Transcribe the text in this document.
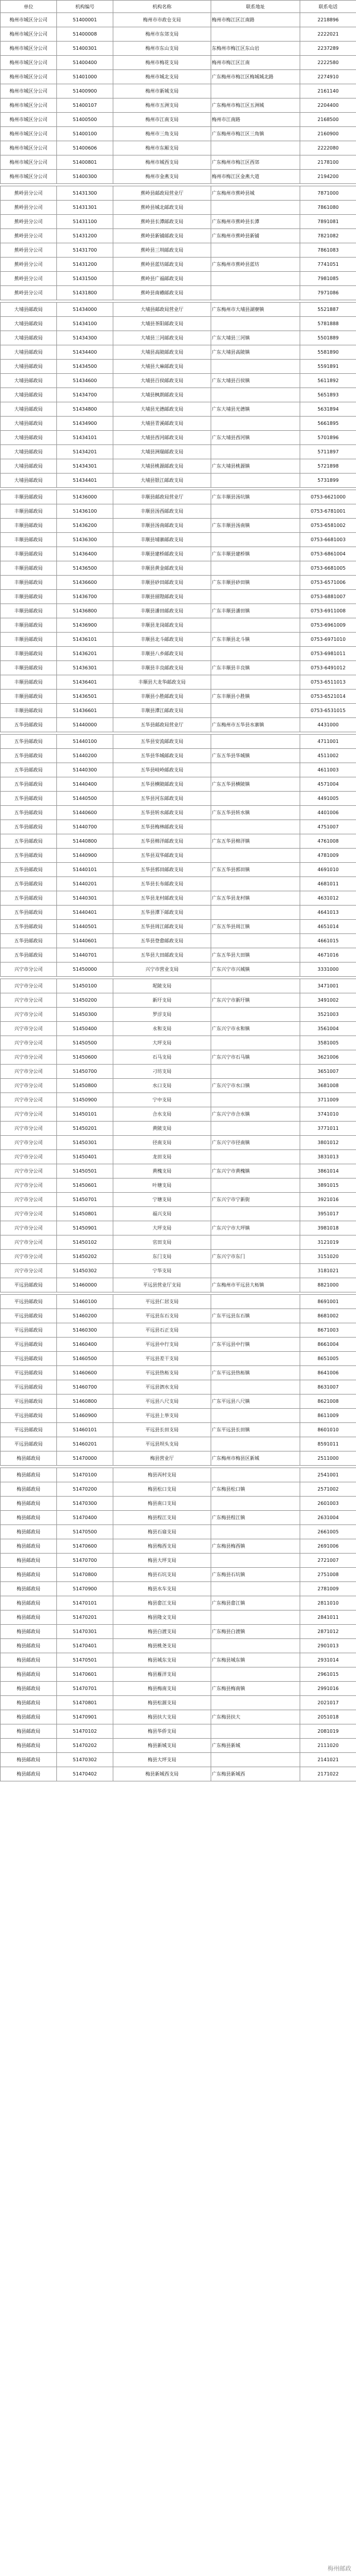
单位	机构编号	机构名称	联系地址	联系电话
梅州市城区分公司	51400001	梅州市市政仓支局	梅州市梅江区江南路	2218896
梅州市城区分公司	51400008	梅州市东郊支局		2222021
梅州市城区分公司	51400301	梅州市东山支局	东梅州市梅江区东山岩	2237289
梅州市城区分公司	51400400	梅州市梅花支局	梅州市梅江区江南	2222580
梅州市城区分公司	51401000	梅州市城北支局	广东梅州市梅江区梅城城北路	2274910
梅州市城区分公司	51400900	梅州市新城支局		2161140
梅州市城区分公司	51400107	梅州市五洲支局	广东梅州市梅江区五洲城	2204400
梅州市城区分公司	51400500	梅州市江南支局	梅州市江南路	2168500
梅州市城区分公司	51400100	梅州市三角支局	广东梅州市梅江区三角镇	2160900
梅州市城区分公司	51400606	梅州市东厢支局		2222080
梅州市城区分公司	51400801	梅州市城西支局	广东梅州市梅江区西郊	2178100
梅州市城区分公司	51400300	梅州市金燕支局	梅州市梅江区金燕大道	2194200

蕉岭县分公司	51431300	蕉岭县邮政局营业厅	广东梅州市蕉岭县城	7871000
蕉岭县分公司	51431301	蕉岭县城北邮政支局		7861080
蕉岭县分公司	51431100	蕉岭县长潭邮政支局	广东梅州市蕉岭县长潭	7891081
蕉岭县分公司	51431200	蕉岭县新铺邮政支局	广东梅州市蕉岭县新铺	7821082
蕉岭县分公司	51431700	蕉岭县三圳邮政支局		7861083
蕉岭县分公司	51431200	蕉岭县蓝坊邮政支局	广东梅州市蕉岭县蓝坊	7741051
蕉岭县分公司	51431500	蕉岭县广福邮政支局		7981085
蕉岭县分公司	51431800	蕉岭县南礤邮政支局		7971086

大埔县邮政局	51434000	大埔县邮政局营业厅	广东梅州市大埔县湖寮镇	5521887
大埔县邮政局	51434100	大埔县茶阳邮政支局		5781888
大埔县邮政局	51434300	大埔县三河邮政支局	广东大埔县三河镇	5501889
大埔县邮政局	51434400	大埔县高陂邮政支局	广东大埔县高陂镇	5581890
大埔县邮政局	51434500	大埔县大麻邮政支局		5591891
大埔县邮政局	51434600	大埔县百侯邮政支局	广东大埔县百侯镇	5611892
大埔县邮政局	51434700	大埔县枫朗邮政支局		5651893
大埔县邮政局	51434800	大埔县光德邮政支局	广东大埔县光德镇	5631894
大埔县邮政局	51434900	大埔县青溪邮政支局		5661895
大埔县邮政局	51434101	大埔县西河邮政支局	广东大埔县西河镇	5701896
大埔县邮政局	51434201	大埔县洲瑞邮政支局		5711897
大埔县邮政局	51434301	大埔县桃源邮政支局	广东大埔县桃源镇	5721898
大埔县邮政局	51434401	大埔县银江邮政支局		5731899

丰顺县邮政局	51436000	丰顺县邮政局营业厅	广东丰顺县汤坑镇	0753-6621000
丰顺县邮政局	51436100	丰顺县汤西邮政支局		0753-6781001
丰顺县邮政局	51436200	丰顺县汤南邮政支局	广东丰顺县汤南镇	0753-6581002
丰顺县邮政局	51436300	丰顺县埔寨邮政支局		0753-6681003
丰顺县邮政局	51436400	丰顺县建桥邮政支局	广东丰顺县建桥镇	0753-6861004
丰顺县邮政局	51436500	丰顺县黄金邮政支局		0753-6681005
丰顺县邮政局	51436600	丰顺县砂田邮政支局	广东丰顺县砂田镇	0753-6571006
丰顺县邮政局	51436700	丰顺县留隍邮政支局		0753-6881007
丰顺县邮政局	51436800	丰顺县潘田邮政支局	广东丰顺县潘田镇	0753-6911008
丰顺县邮政局	51436900	丰顺县龙岗邮政支局		0753-6961009
丰顺县邮政局	51436101	丰顺县北斗邮政支局	广东丰顺县北斗镇	0753-6971010
丰顺县邮政局	51436201	丰顺县八乡邮政支局		0753-6981011
丰顺县邮政局	51436301	丰顺县丰良邮政支局	广东丰顺县丰良镇	0753-6491012
丰顺县邮政局	51436401	丰顺县大龙华邮政支局		0753-6511013
丰顺县邮政局	51436501	丰顺县小胜邮政支局	广东丰顺县小胜镇	0753-6521014
丰顺县邮政局	51436601	丰顺县潭江邮政支局		0753-6531015
五华县邮政局	51440000	五华县邮政局营业厅	广东梅州市五华县水寨镇	4431000

五华县邮政局	51440100	五华县安流邮政支局		4711001
五华县邮政局	51440200	五华县华城邮政支局	广东五华县华城镇	4511002
五华县邮政局	51440300	五华县岐岭邮政支局		4611003
五华县邮政局	51440400	五华县横陂邮政支局	广东五华县横陂镇	4571004
五华县邮政局	51440500	五华县河东邮政支局		4491005
五华县邮政局	51440600	五华县转水邮政支局	广东五华县转水镇	4401006
五华县邮政局	51440700	五华县梅林邮政支局		4751007
五华县邮政局	51440800	五华县棉洋邮政支局	广东五华县棉洋镇	4761008
五华县邮政局	51440900	五华县双华邮政支局		4781009
五华县邮政局	51440101	五华县郭田邮政支局	广东五华县郭田镇	4691010
五华县邮政局	51440201	五华县长布邮政支局		4681011
五华县邮政局	51440301	五华县龙村邮政支局	广东五华县龙村镇	4631012
五华县邮政局	51440401	五华县潭下邮政支局		4641013
五华县邮政局	51440501	五华县周江邮政支局	广东五华县周江镇	4651014
五华县邮政局	51440601	五华县登畲邮政支局		4661015
五华县邮政局	51440701	五华县大田邮政支局	广东五华县大田镇	4671016
兴宁市分公司	51450000	兴宁市营业支局	广东兴宁市兴城镇	3331000

兴宁市分公司	51450100	坭陂支局		3471001
兴宁市分公司	51450200	新圩支局	广东兴宁市新圩镇	3491002
兴宁市分公司	51450300	罗浮支局		3521003
兴宁市分公司	51450400	永和支局	广东兴宁市永和镇	3561004
兴宁市分公司	51450500	大坪支局		3581005
兴宁市分公司	51450600	石马支局	广东兴宁市石马镇	3621006
兴宁市分公司	51450700	刁坊支局		3651007
兴宁市分公司	51450800	水口支局	广东兴宁市水口镇	3681008
兴宁市分公司	51450900	宁中支局		3711009
兴宁市分公司	51450101	合水支局	广东兴宁市合水镇	3741010
兴宁市分公司	51450201	黄陂支局		3771011
兴宁市分公司	51450301	径南支局	广东兴宁市径南镇	3801012
兴宁市分公司	51450401	龙田支局		3831013
兴宁市分公司	51450501	黄槐支局	广东兴宁市黄槐镇	3861014
兴宁市分公司	51450601	叶塘支局		3891015
兴宁市分公司	51450701	宁塘支局	广东兴宁市宁新街	3921016
兴宁市分公司	51450801	福兴支局		3951017
兴宁市分公司	51450901	大坪支局	广东兴宁市大坪镇	3981018
兴宁市分公司	51450102	官田支局		3121019
兴宁市分公司	51450202	东门支局	广东兴宁市东门	3151020
兴宁市分公司	51450302	宁华支局		3181021
平远县邮政局	51460000	平远县营业厅支局	广东梅州市平远县大柘镇	8821000

平远县邮政局	51460100	平远县仁居支局		8691001
平远县邮政局	51460200	平远县东石支局	广东平远县东石镇	8681002
平远县邮政局	51460300	平远县石正支局		8671003
平远县邮政局	51460400	平远县中行支局	广东平远县中行镇	8661004
平远县邮政局	51460500	平远县差干支局		8651005
平远县邮政局	51460600	平远县热柘支局	广东平远县热柘镇	8641006
平远县邮政局	51460700	平远县泗水支局		8631007
平远县邮政局	51460800	平远县八尺支局	广东平远县八尺镇	8621008
平远县邮政局	51460900	平远县上举支局		8611009
平远县邮政局	51460101	平远县长田支局	广东平远县长田镇	8601010
平远县邮政局	51460201	平远县坝头支局		8591011
梅县邮政局	51470000	梅县营业厅	广东梅州市梅县区新城	2511000

梅县邮政局	51470100	梅县丙村支局		2541001
梅县邮政局	51470200	梅县松口支局	广东梅县松口镇	2571002
梅县邮政局	51470300	梅县南口支局		2601003
梅县邮政局	51470400	梅县程江支局	广东梅县程江镇	2631004
梅县邮政局	51470500	梅县石扇支局		2661005
梅县邮政局	51470600	梅县梅西支局	广东梅县梅西镇	2691006
梅县邮政局	51470700	梅县大坪支局		2721007
梅县邮政局	51470800	梅县石坑支局	广东梅县石坑镇	2751008
梅县邮政局	51470900	梅县水车支局		2781009
梅县邮政局	51470101	梅县畲江支局	广东梅县畲江镇	2811010
梅县邮政局	51470201	梅县隆文支局		2841011
梅县邮政局	51470301	梅县白渡支局	广东梅县白渡镇	2871012
梅县邮政局	51470401	梅县桃尧支局		2901013
梅县邮政局	51470501	梅县城东支局	广东梅县城东镇	2931014
梅县邮政局	51470601	梅县雁洋支局		2961015
梅县邮政局	51470701	梅县梅南支局	广东梅县梅南镇	2991016
梅县邮政局	51470801	梅县松源支局		2021017
梅县邮政局	51470901	梅县扶大支局	广东梅县扶大	2051018
梅县邮政局	51470102	梅县华侨支局		2081019
梅县邮政局	51470202	梅县新城支局	广东梅县新城	2111020
梅县邮政局	51470302	梅县大坪支局		2141021
梅县邮政局	51470402	梅县新城西支局	广东梅县新城西	2171022
梅州邮政
